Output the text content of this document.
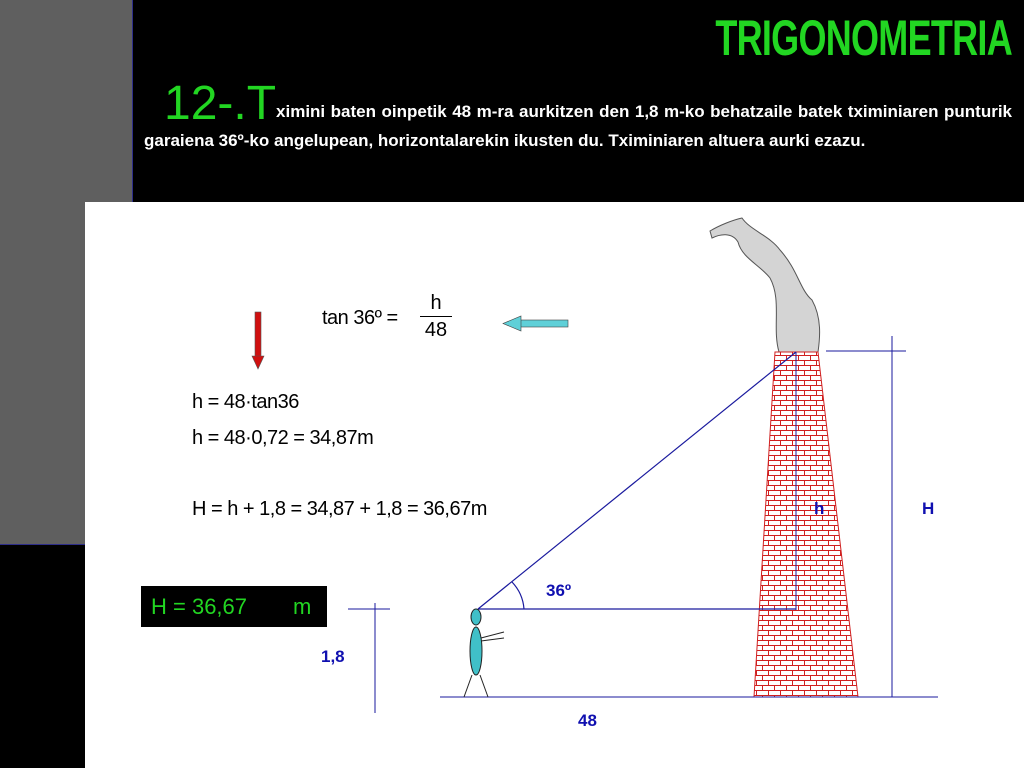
TRIGONOMETRIA
12-.Tximini baten oinpetik 48 m-ra aurkitzen den 1,8 m-ko behatzaile batek tximiniaren punturik garaiena 36º-ko angelupean, horizontalarekin ikusten du. Tximiniaren altuera aurki ezazu.
tan 36º =
h
48
h = 48·tan36
h = 48·0,72 = 34,87m
H = h + 1,8 = 34,87 + 1,8 = 36,67m
H = 36,67 m
h	H
36º
1,8
48
